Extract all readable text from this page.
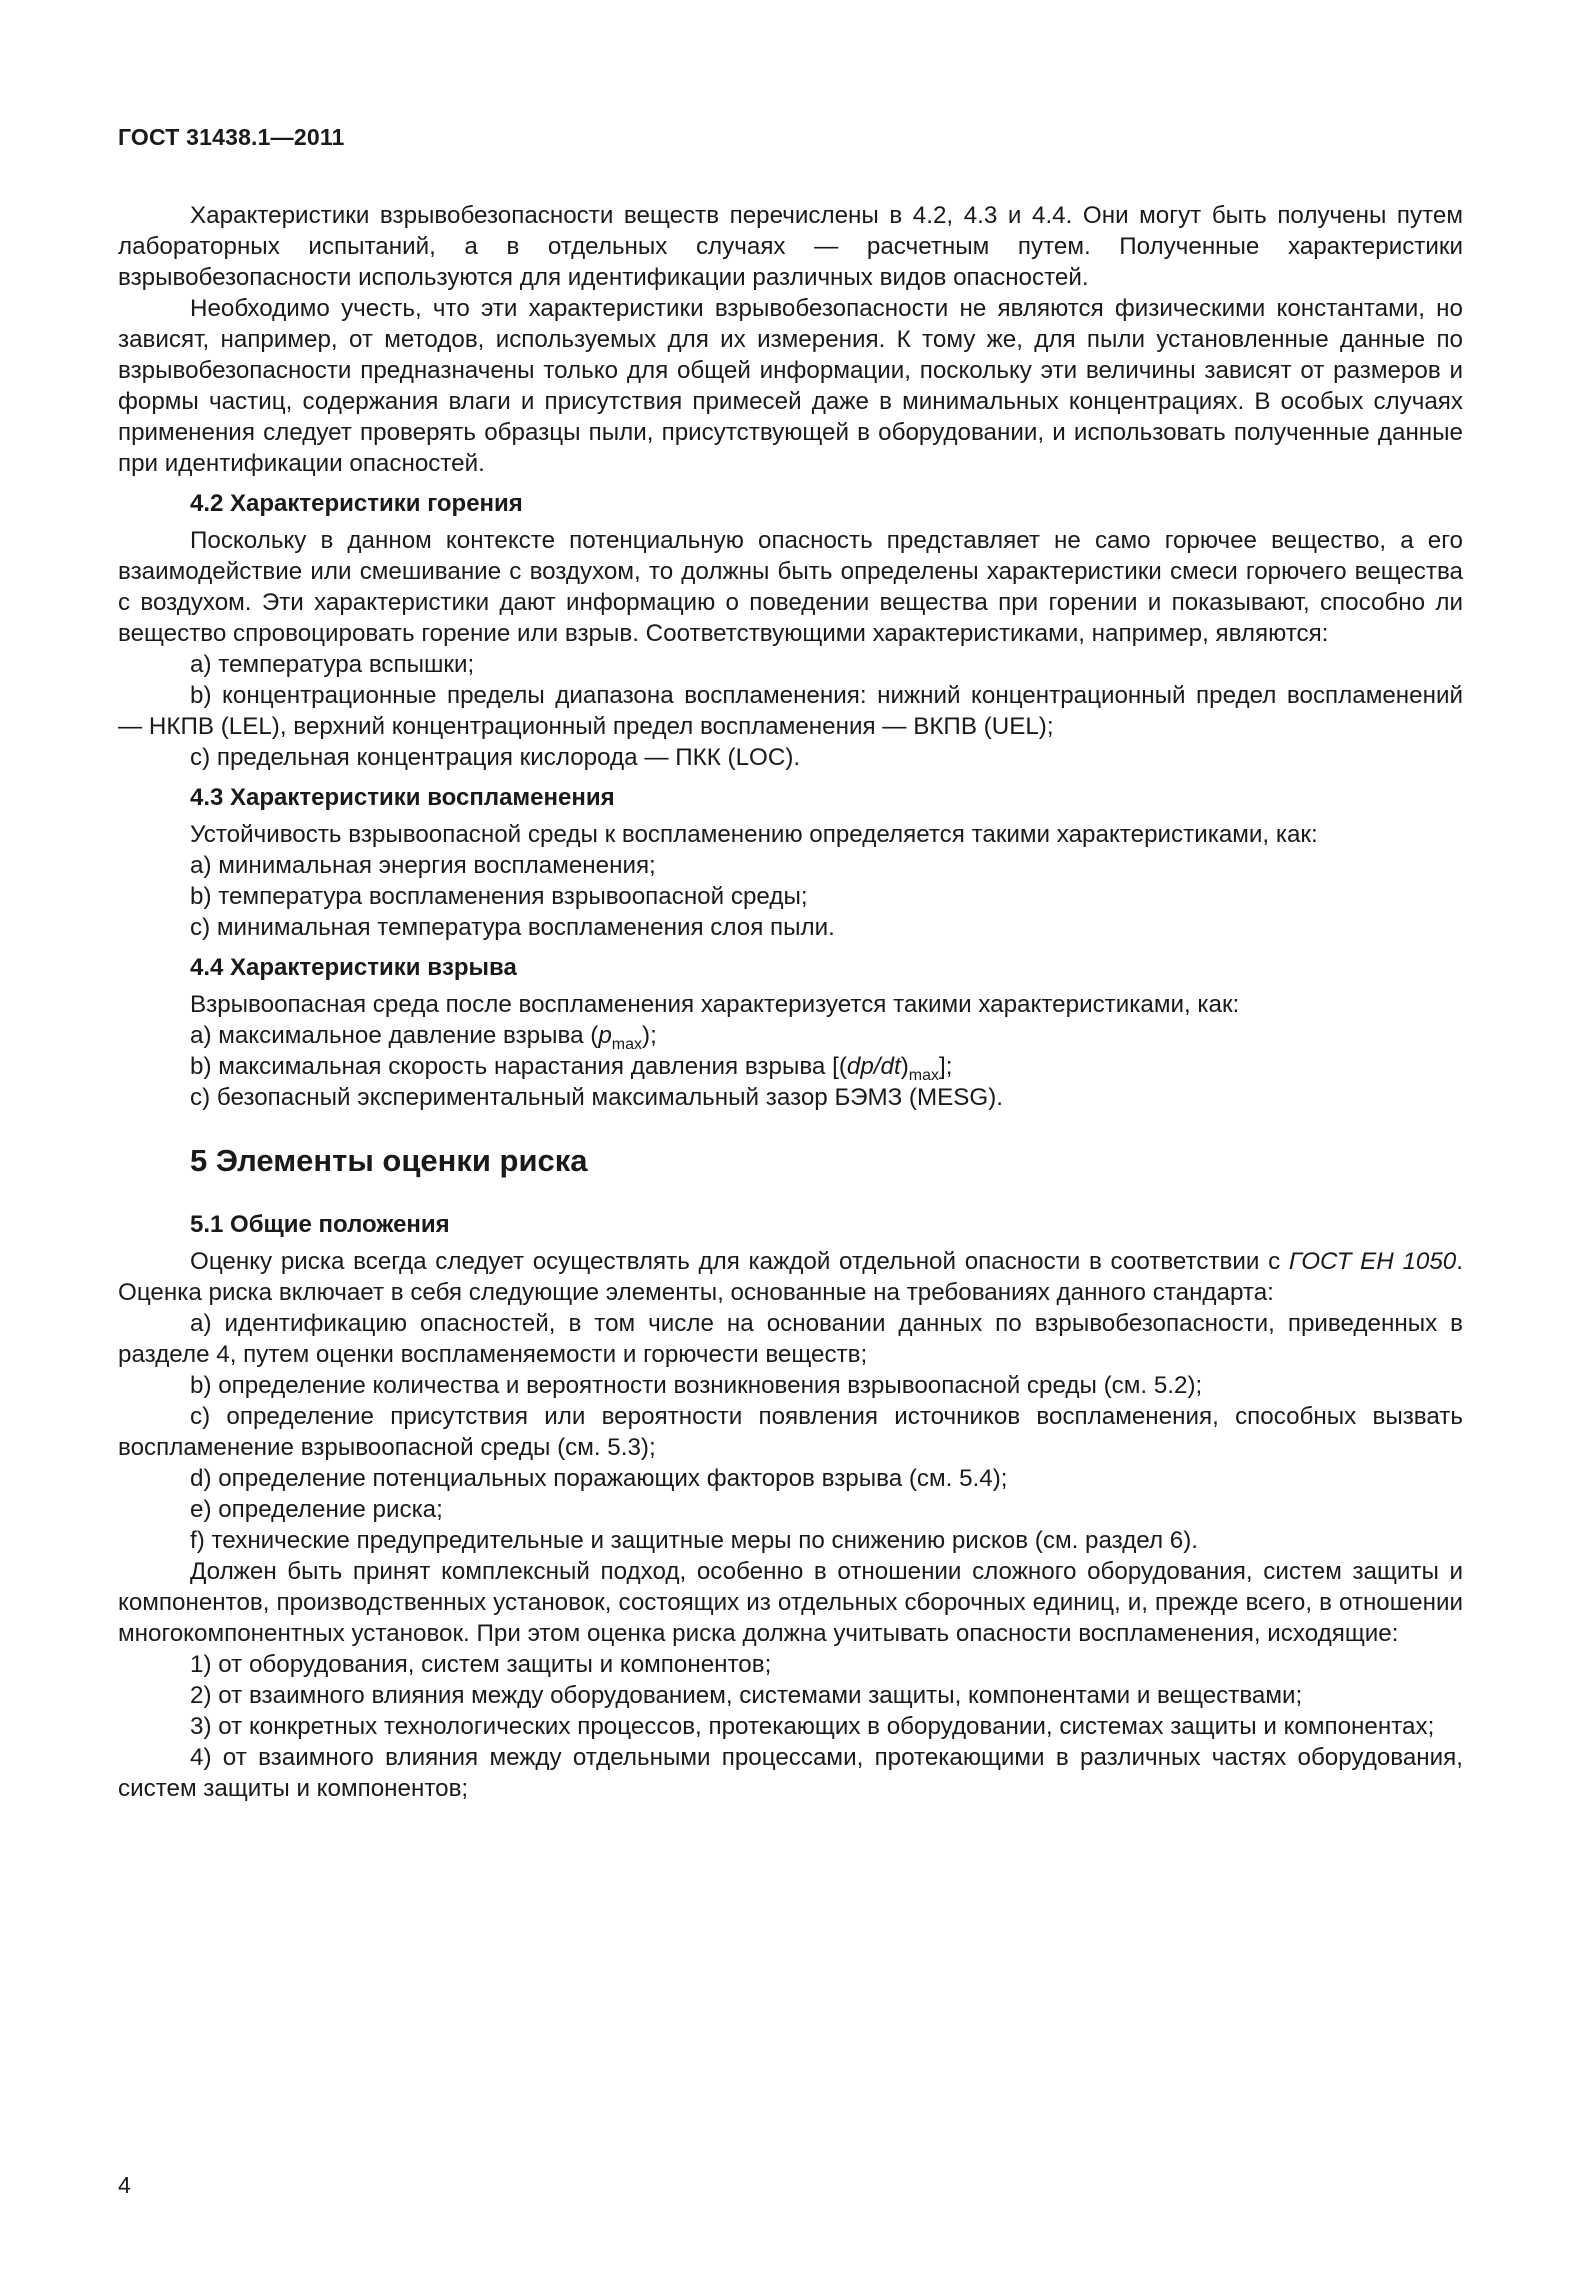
ГОСТ 31438.1—2011

Характеристики взрывобезопасности веществ перечислены в 4.2, 4.3 и 4.4. Они могут быть получены путем лабораторных испытаний, а в отдельных случаях — расчетным путем. Полученные характеристики взрывобезопасности используются для идентификации различных видов опасностей.

Необходимо учесть, что эти характеристики взрывобезопасности не являются физическими константами, но зависят, например, от методов, используемых для их измерения. К тому же, для пыли установленные данные по взрывобезопасности предназначены только для общей информации, поскольку эти величины зависят от размеров и формы частиц, содержания влаги и присутствия примесей даже в минимальных концентрациях. В особых случаях применения следует проверять образцы пыли, присутствующей в оборудовании, и использовать полученные данные при идентификации опасностей.

4.2 Характеристики горения

Поскольку в данном контексте потенциальную опасность представляет не само горючее вещество, а его взаимодействие или смешивание с воздухом, то должны быть определены характеристики смеси горючего вещества с воздухом. Эти характеристики дают информацию о поведении вещества при горении и показывают, способно ли вещество спровоцировать горение или взрыв. Соответствующими характеристиками, например, являются:

a) температура вспышки;

b) концентрационные пределы диапазона воспламенения: нижний концентрационный предел воспламенений — НКПВ (LEL), верхний концентрационный предел воспламенения — ВКПВ (UEL);

c) предельная концентрация кислорода — ПКК (LOC).

4.3 Характеристики воспламенения

Устойчивость взрывоопасной среды к воспламенению определяется такими характеристиками, как:

a) минимальная энергия воспламенения;

b) температура воспламенения взрывоопасной среды;

c) минимальная температура воспламенения слоя пыли.

4.4 Характеристики взрыва

Взрывоопасная среда после воспламенения характеризуется такими характеристиками, как:

a) максимальное давление взрыва $(p_{max})$;

b) максимальная скорость нарастания давления взрыва $[(dp/dt)_{max}]$;

c) безопасный экспериментальный максимальный зазор БЭМЗ (MESG).

5 Элементы оценки риска
5.1 Общие положения

Оценку риска всегда следует осуществлять для каждой отдельной опасности в соответствии с ГОСТ ЕН 1050. Оценка риска включает в себя следующие элементы, основанные на требованиях данного стандарта:

a) идентификацию опасностей, в том числе на основании данных по взрывобезопасности, приведенных в разделе 4, путем оценки воспламеняемости и горючести веществ;

b) определение количества и вероятности возникновения взрывоопасной среды (см. 5.2);

c) определение присутствия или вероятности появления источников воспламенения, способных вызвать воспламенение взрывоопасной среды (см. 5.3);

d) определение потенциальных поражающих факторов взрыва (см. 5.4);

e) определение риска;

f) технические предупредительные и защитные меры по снижению рисков (см. раздел 6).

Должен быть принят комплексный подход, особенно в отношении сложного оборудования, систем защиты и компонентов, производственных установок, состоящих из отдельных сборочных единиц, и, прежде всего, в отношении многокомпонентных установок. При этом оценка риска должна учитывать опасности воспламенения, исходящие:

1) от оборудования, систем защиты и компонентов;

2) от взаимного влияния между оборудованием, системами защиты, компонентами и веществами;

3) от конкретных технологических процессов, протекающих в оборудовании, системах защиты и компонентах;

4) от взаимного влияния между отдельными процессами, протекающими в различных частях оборудования, систем защиты и компонентов;

4
